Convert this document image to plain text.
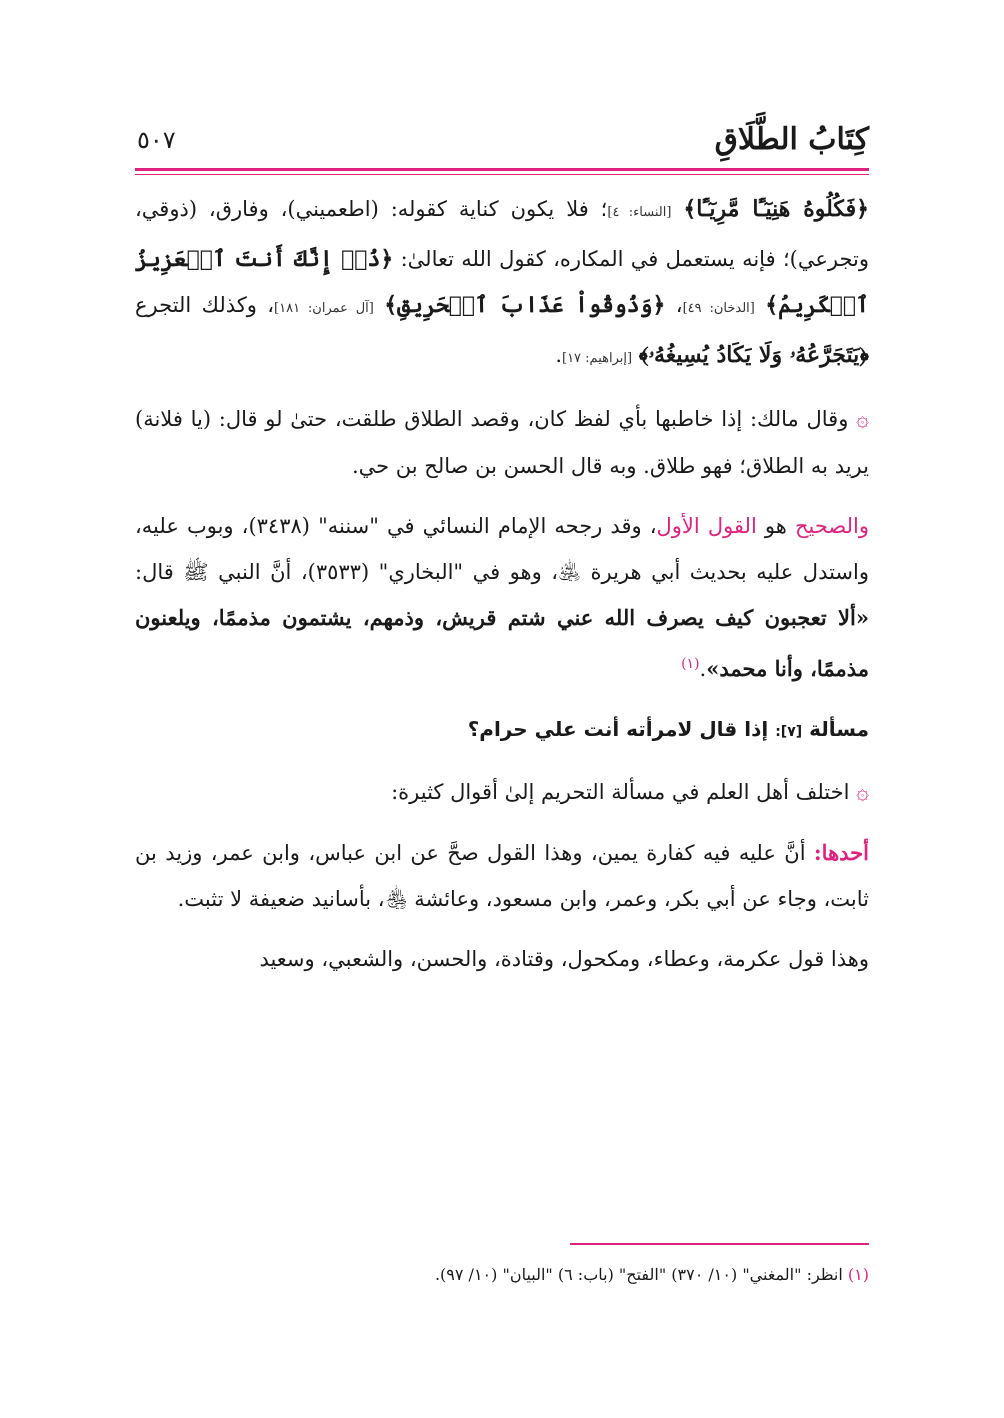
كِتَابُ الطَّلَاقِ
٥٠٧

﴿فَكُلُوهُ هَنِيٓـًٔا مَّرِيٓـًٔا﴾ [النساء: ٤]؛ فلا يكون كناية كقوله: (اطعميني)، وفارق، (ذوقي، وتجرعي)؛ فإنه يستعمل في المكاره، كقول الله تعالىٰ: ﴿ذُقۡ إِنَّكَ أَنتَ ٱلۡعَزِيزُ ٱلۡكَرِيمُ﴾ [الدخان: ٤٩]، ﴿وَذُوقُواْ عَذَابَ ٱلۡحَرِيقِ﴾ [آل عمران: ١٨١]، وكذلك التجرع ﴿يَتَجَرَّعُهُۥ وَلَا يَكَادُ يُسِيغُهُۥ﴾ [إبراهيم: ١٧].

۞ وقال مالك: إذا خاطبها بأي لفظ كان، وقصد الطلاق طلقت، حتىٰ لو قال: (يا فلانة) يريد به الطلاق؛ فهو طلاق. وبه قال الحسن بن صالح بن حي.

والصحيح هو القول الأول، وقد رجحه الإمام النسائي في "سننه" (٣٤٣٨)، وبوب عليه، واستدل عليه بحديث أبي هريرة ﵁، وهو في "البخاري" (٣٥٣٣)، أنَّ النبي ﷺ قال: «ألا تعجبون كيف يصرف الله عني شتم قريش، وذمهم، يشتمون مذممًا، ويلعنون مذممًا، وأنا محمد».$^{(١)}$

مسألة [٧]: إذا قال لامرأته أنت علي حرام؟

۞ اختلف أهل العلم في مسألة التحريم إلىٰ أقوال كثيرة:

أحدها: أنَّ عليه فيه كفارة يمين، وهذا القول صحَّ عن ابن عباس، وابن عمر، وزيد بن ثابت، وجاء عن أبي بكر، وعمر، وابن مسعود، وعائشة ﵃، بأسانيد ضعيفة لا تثبت.

وهذا قول عكرمة، وعطاء، ومكحول، وقتادة، والحسن، والشعبي، وسعيد

(١) انظر: "المغني" (١٠/ ٣٧٠) "الفتح" (باب: ٦) "البيان" (١٠/ ٩٧).
